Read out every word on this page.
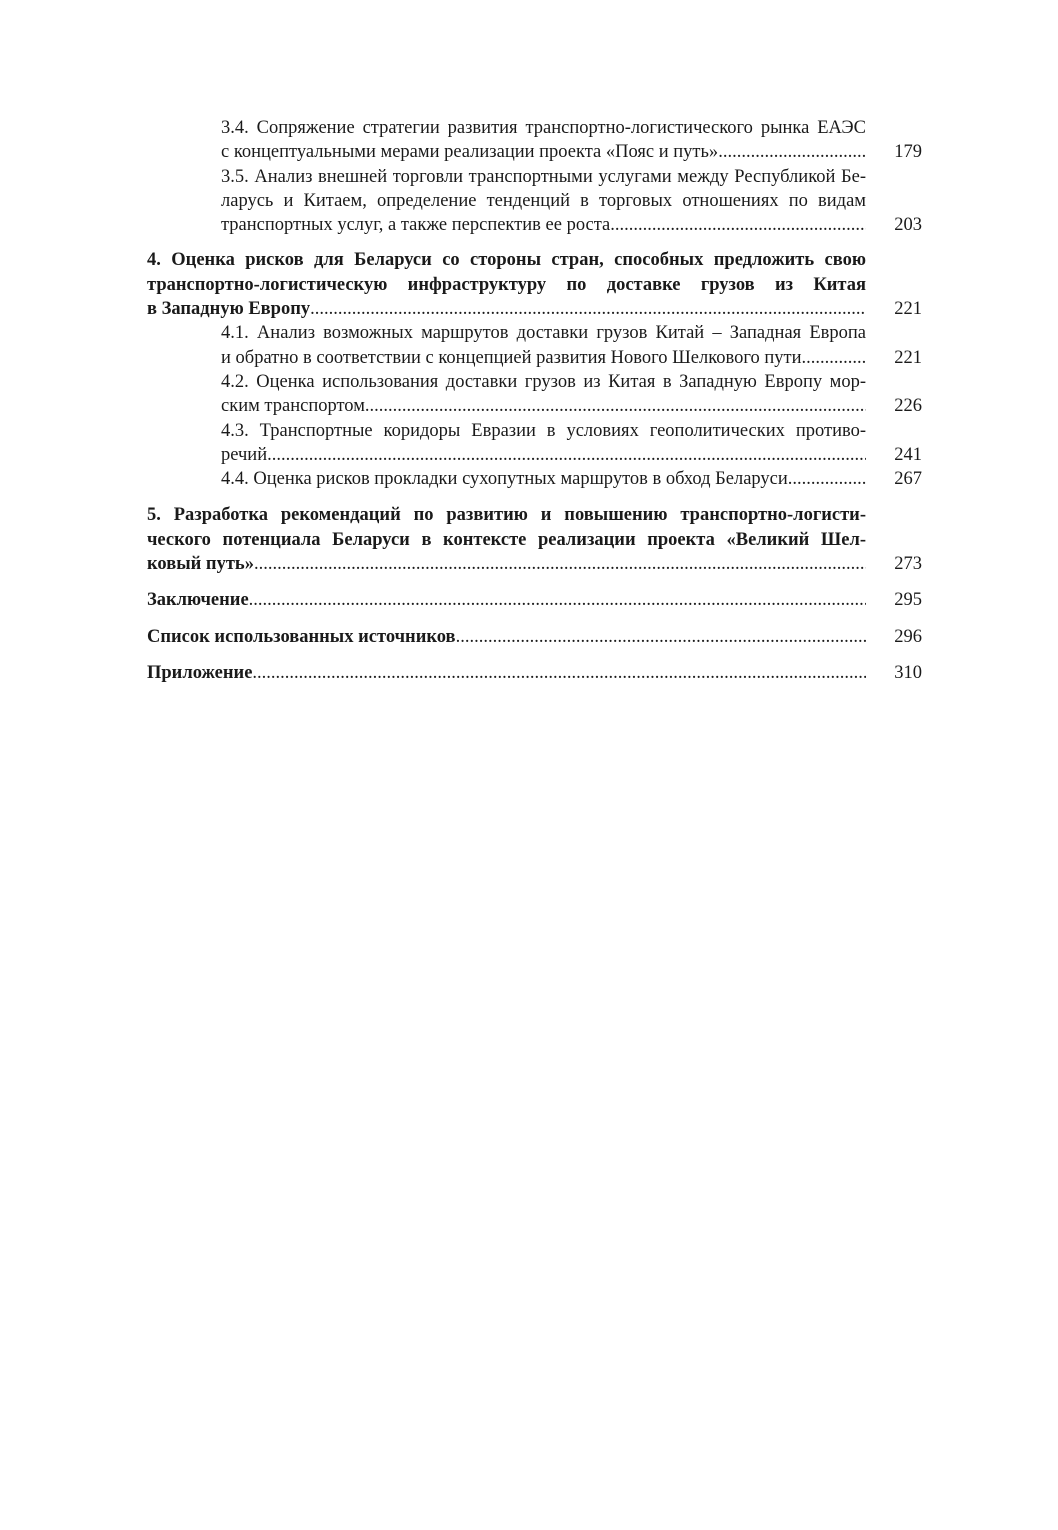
3.4. Сопряжение стратегии развития транспортно-логистического рынка ЕАЭС
с концептуальными мерами реализации проекта «Пояс и путь» .....	179
3.5. Анализ внешней торговли транспортными услугами между Республикой Бе-
ларусь и Китаем, определение тенденций в торговых отношениях по видам
транспортных услуг, а также перспектив ее роста .....	203
4. Оценка рисков для Беларуси со стороны стран, способных предложить свою
транспортно-логистическую инфраструктуру по доставке грузов из Китая
в Западную Европу .....	221
4.1. Анализ возможных маршрутов доставки грузов Китай – Западная Европа
и обратно в соответствии с концепцией развития Нового Шелкового пути .....	221
4.2. Оценка использования доставки грузов из Китая в Западную Европу мор-
ским транспортом .....	226
4.3. Транспортные коридоры Евразии в условиях геополитических противо-
речий .....	241
4.4. Оценка рисков прокладки сухопутных маршрутов в обход Беларуси .....	267
5. Разработка рекомендаций по развитию и повышению транспортно-логисти-
ческого потенциала Беларуси в контексте реализации проекта «Великий Шел-
ковый путь» .....	273
Заключение .....	295
Список использованных источников .....	296
Приложение .....	310
